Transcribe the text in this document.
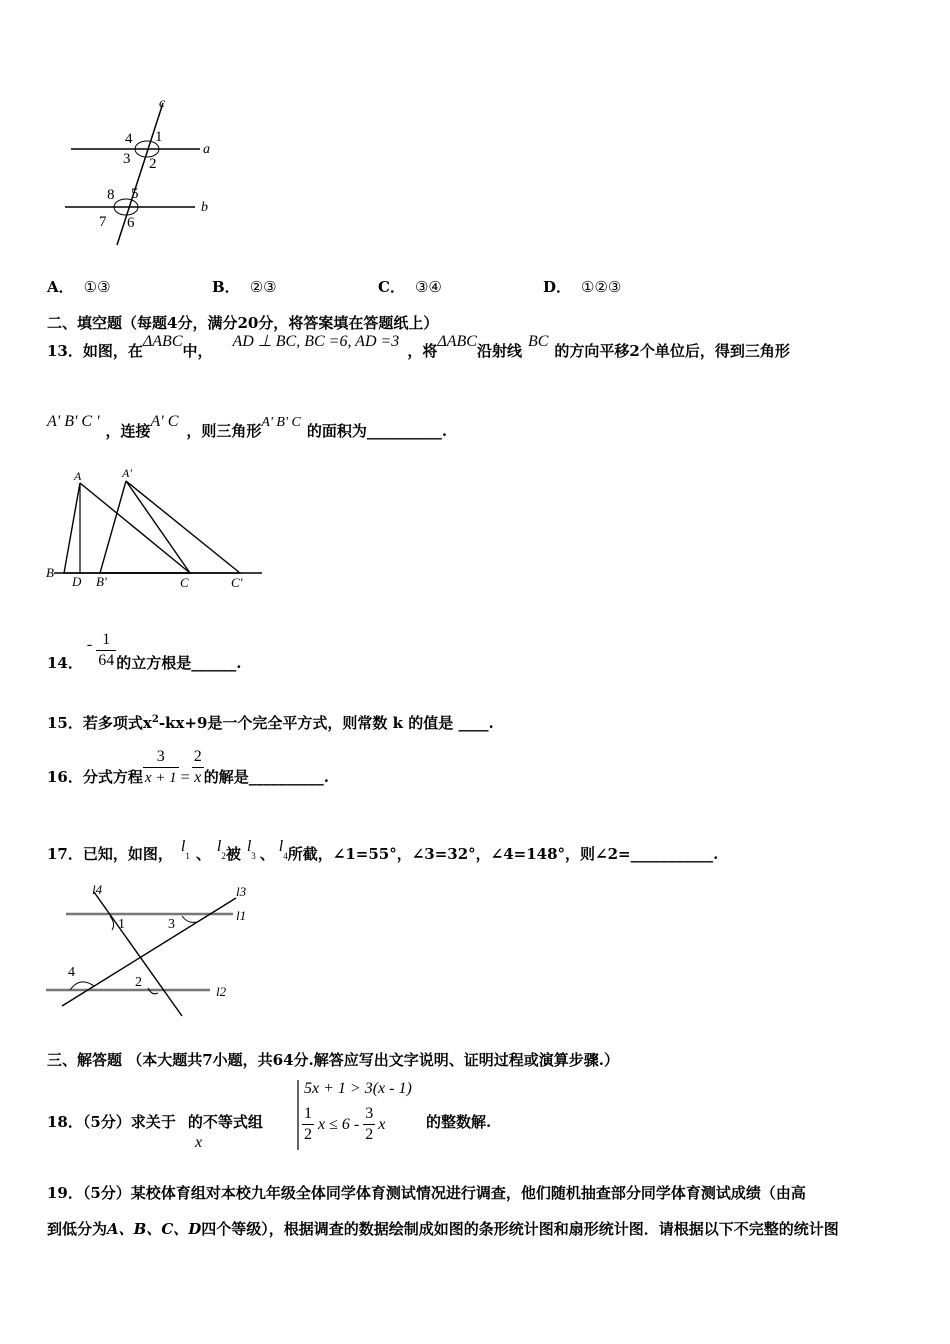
c
4 1
a
3 2
8 5
b
7 6
A． ①③	B． ②③	C． ③④	D． ①②③
二、填空题（每题4分，满分20分，将答案填在答题纸上）
13．如图，在ΔABC中，AD ⊥ BC, BC =6, AD =3，将ΔABC沿射线BC的方向平移2个单位后，得到三角形
A' B' C '，连接A' C，则三角形A' B' C 的面积为__________.
A	A'
B
D B'	C	C'
14．- $\frac{1}{64}$ 的立方根是______.
15．若多项式$x^2-kx+9$是一个完全平方式，则常数 k 的值是 ____.
16．分式方程 $\frac{3}{x + 1} = \frac{2}{x}$ 的解是__________.
17．已知，如图， $l_1$ 、 $l_2$被 $l_3$ 、 $l_4$所截，∠1=55°，∠3=32°，∠4=148°，则∠2=___________.
l4	l3
l1
1	3
4
2
l2
三、解答题 （本大题共7小题，共64分.解答应写出文字说明、证明过程或演算步骤.）
18．（5分）求关于
x
的不等式组
5x + 1 > 3(x - 1)
$\frac{1}{2}$ $x \le 6 - \frac{3}{2}$ x	的整数解.
19．（5分）某校体育组对本校九年级全体同学体育测试情况进行调查，他们随机抽查部分同学体育测试成绩（由高
到低分为A、B、C、D四个等级），根据调查的数据绘制成如图的条形统计图和扇形统计图．请根据以下不完整的统计图
